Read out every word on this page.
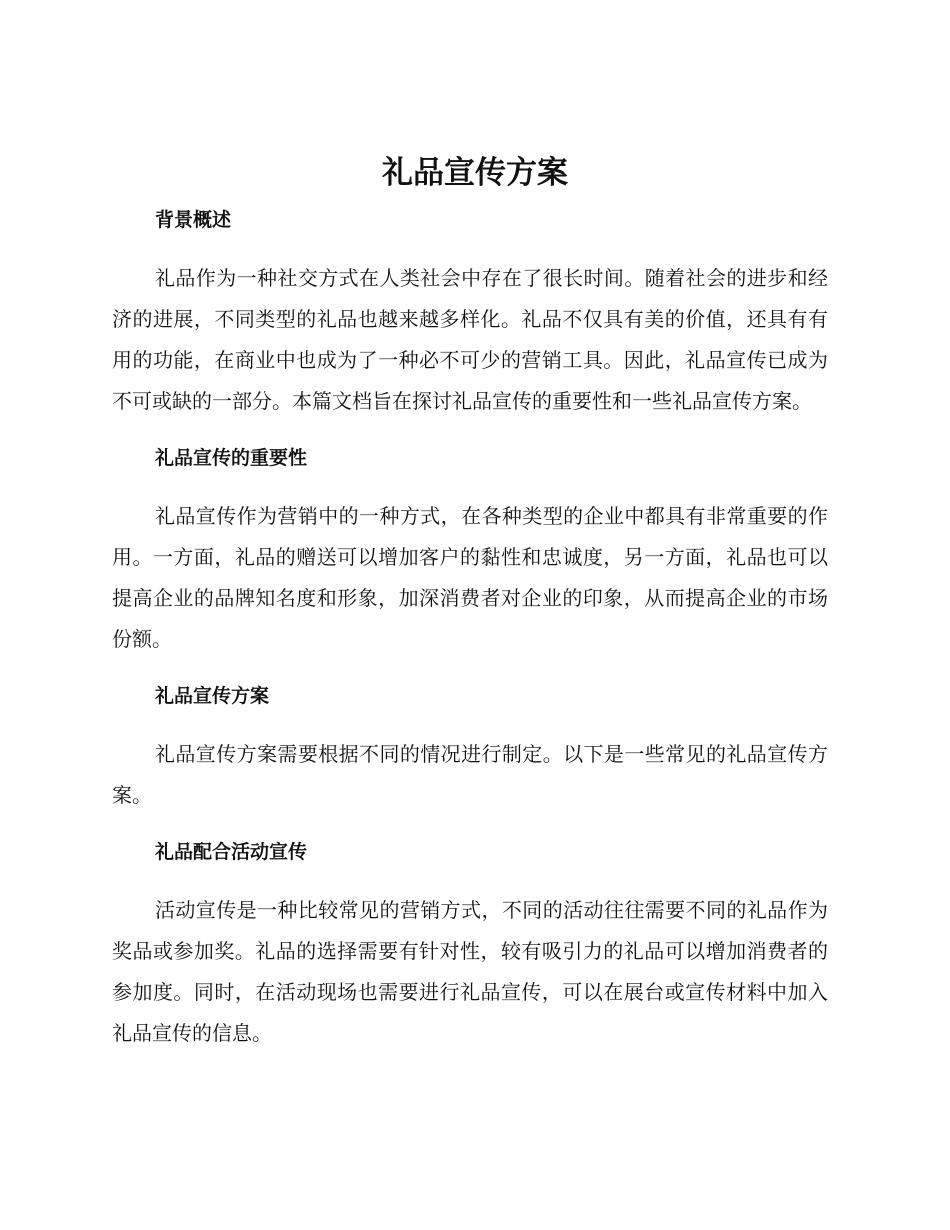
礼品宣传方案
背景概述

礼品作为一种社交方式在人类社会中存在了很长时间。随着社会的进步和经济的进展，不同类型的礼品也越来越多样化。礼品不仅具有美的价值，还具有有用的功能，在商业中也成为了一种必不可少的营销工具。因此，礼品宣传已成为不可或缺的一部分。本篇文档旨在探讨礼品宣传的重要性和一些礼品宣传方案。

礼品宣传的重要性

礼品宣传作为营销中的一种方式，在各种类型的企业中都具有非常重要的作用。一方面，礼品的赠送可以增加客户的黏性和忠诚度，另一方面，礼品也可以提高企业的品牌知名度和形象，加深消费者对企业的印象，从而提高企业的市场份额。

礼品宣传方案

礼品宣传方案需要根据不同的情况进行制定。以下是一些常见的礼品宣传方案。

礼品配合活动宣传

活动宣传是一种比较常见的营销方式，不同的活动往往需要不同的礼品作为奖品或参加奖。礼品的选择需要有针对性，较有吸引力的礼品可以增加消费者的参加度。同时，在活动现场也需要进行礼品宣传，可以在展台或宣传材料中加入礼品宣传的信息。
